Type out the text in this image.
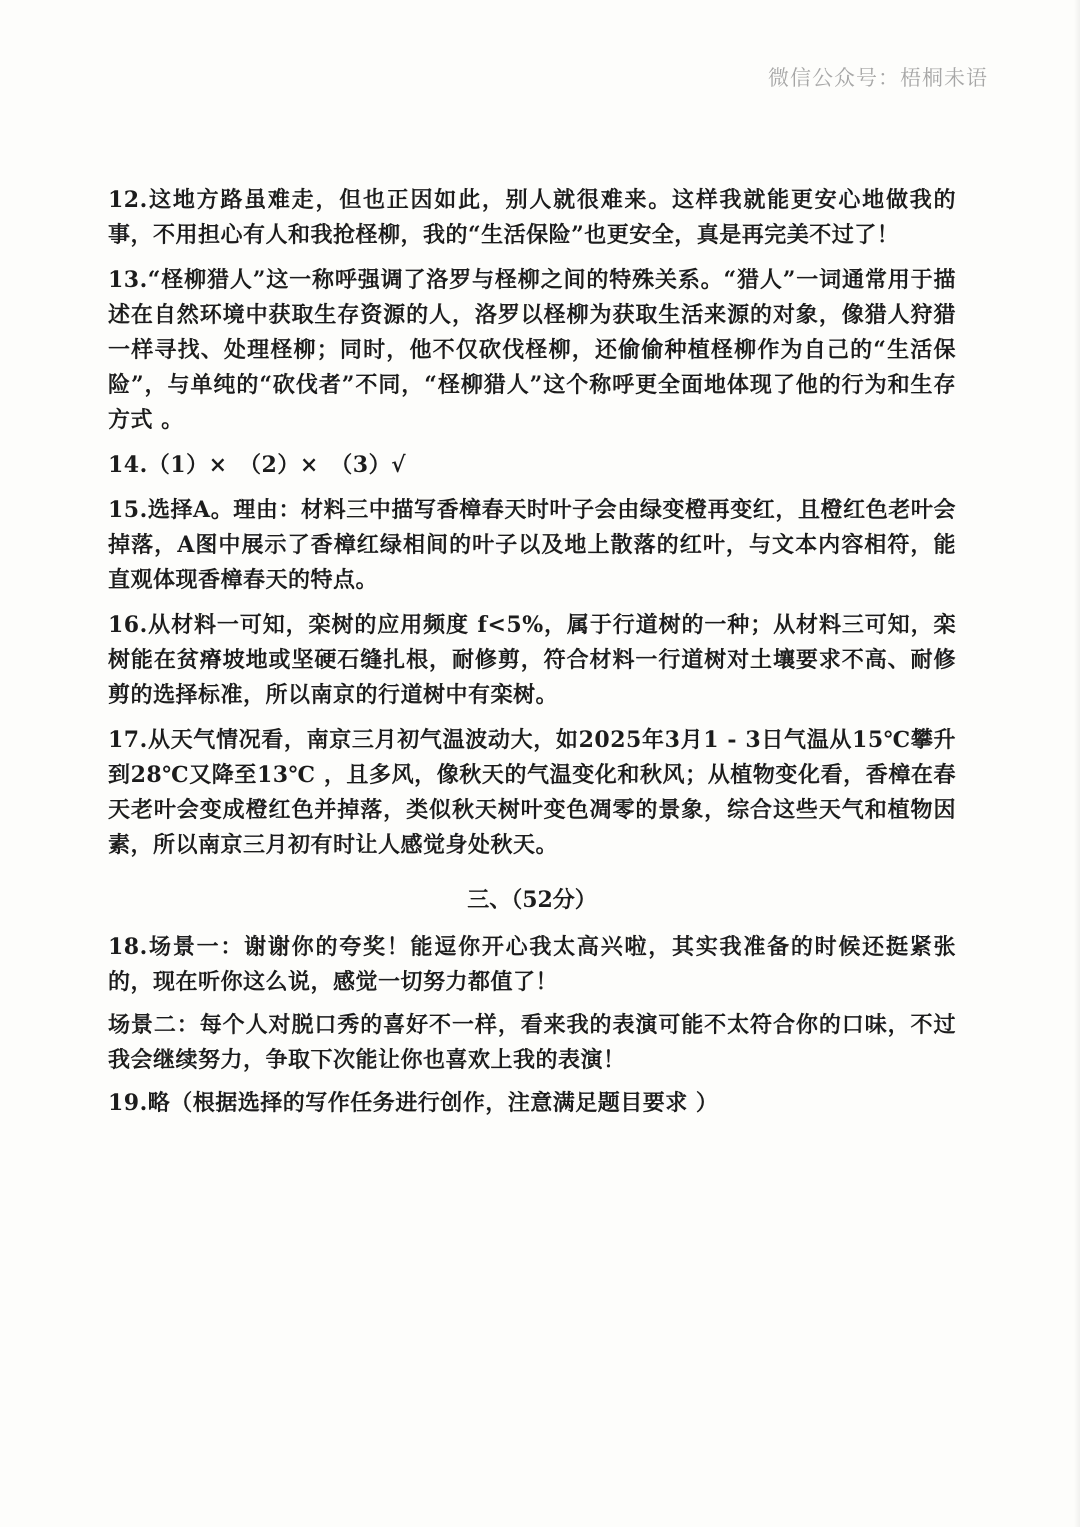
微信公众号：梧桐未语

12.这地方路虽难走，但也正因如此，别人就很难来。这样我就能更安心地做我的事，不用担心有人和我抢柽柳，我的“生活保险”也更安全，真是再完美不过了！

13.“柽柳猎人”这一称呼强调了洛罗与柽柳之间的特殊关系。“猎人”一词通常用于描述在自然环境中获取生存资源的人，洛罗以柽柳为获取生活来源的对象，像猎人狩猎一样寻找、处理柽柳；同时，他不仅砍伐柽柳，还偷偷种植柽柳作为自己的“生活保险”，与单纯的“砍伐者”不同，“柽柳猎人”这个称呼更全面地体现了他的行为和生存方式 。

14.（1）×　（2）×　（3）√

15.选择A。理由：材料三中描写香樟春天时叶子会由绿变橙再变红，且橙红色老叶会掉落，A图中展示了香樟红绿相间的叶子以及地上散落的红叶，与文本内容相符，能直观体现香樟春天的特点。

16.从材料一可知，栾树的应用频度 f<5%，属于行道树的一种；从材料三可知，栾树能在贫瘠坡地或坚硬石缝扎根，耐修剪，符合材料一行道树对土壤要求不高、耐修剪的选择标准，所以南京的行道树中有栾树。

17.从天气情况看，南京三月初气温波动大，如2025年3月1 - 3日气温从15℃攀升到28℃又降至13℃ ，且多风，像秋天的气温变化和秋风；从植物变化看，香樟在春天老叶会变成橙红色并掉落，类似秋天树叶变色凋零的景象，综合这些天气和植物因素，所以南京三月初有时让人感觉身处秋天。

三、（52分）

18.场景一：谢谢你的夸奖！能逗你开心我太高兴啦，其实我准备的时候还挺紧张的，现在听你这么说，感觉一切努力都值了！

场景二：每个人对脱口秀的喜好不一样，看来我的表演可能不太符合你的口味，不过我会继续努力，争取下次能让你也喜欢上我的表演！

19.略（根据选择的写作任务进行创作，注意满足题目要求 ）
